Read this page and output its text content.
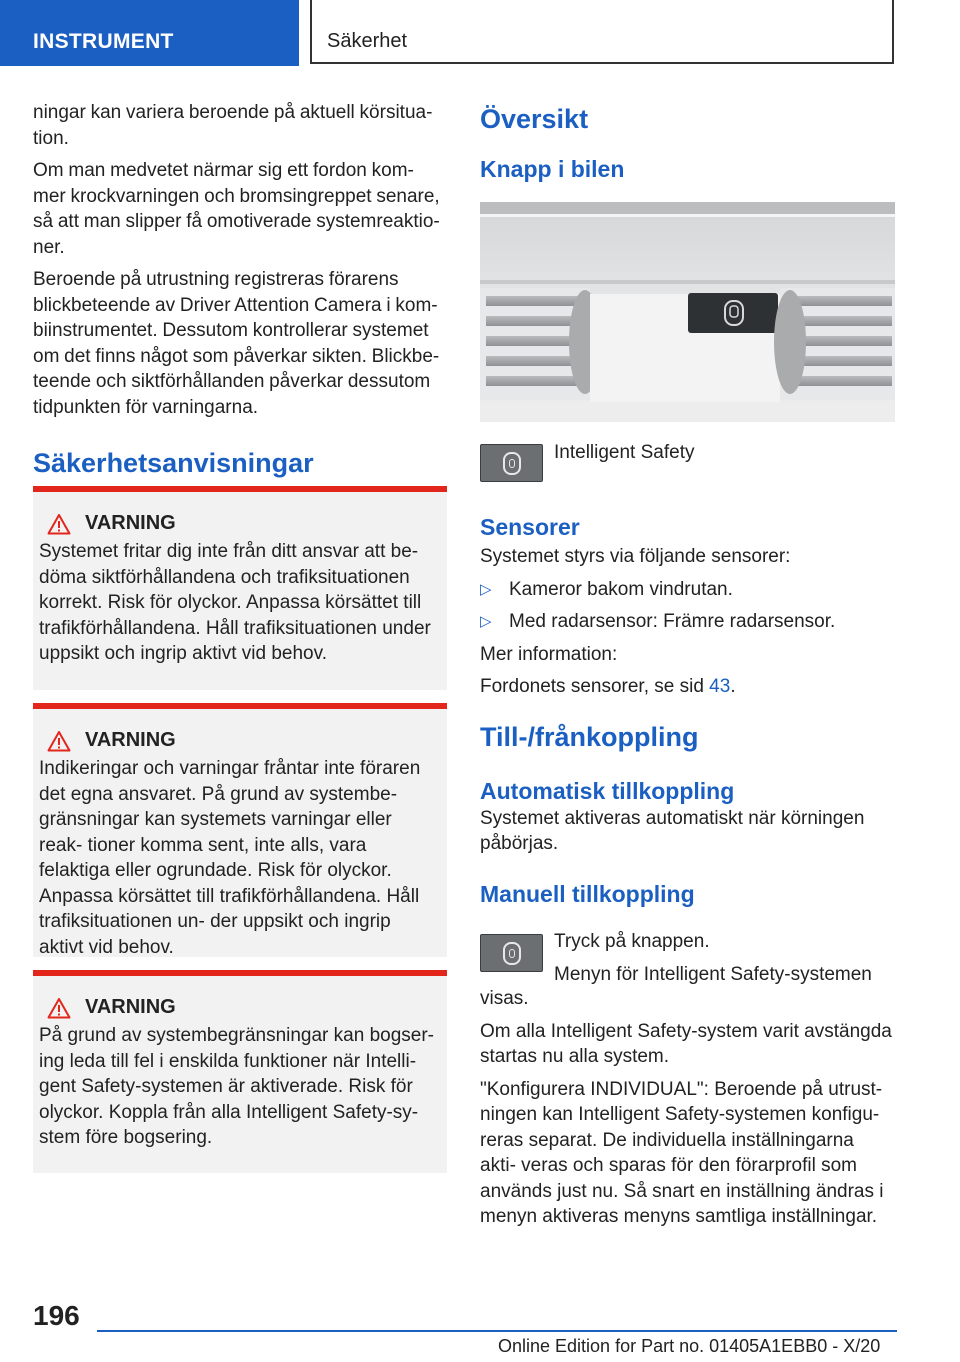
INSTRUMENT	Säkerhet

ningar kan variera beroende på aktuell körsitua‐ tion.

Om man medvetet närmar sig ett fordon kom‐ mer krockvarningen och bromsingreppet senare, så att man slipper få omotiverade systemreaktio‐ ner.

Beroende på utrustning registreras förarens blickbeteende av Driver Attention Camera i kom‐ biinstrumentet. Dessutom kontrollerar systemet om det finns något som påverkar sikten. Blickbe‐ teende och siktförhållanden påverkar dessutom tidpunkten för varningarna.

Säkerhetsanvisningar
VARNING

Systemet fritar dig inte från ditt ansvar att be‐ döma siktförhållandena och trafiksituationen korrekt. Risk för olyckor. Anpassa körsättet till trafikförhållandena. Håll trafiksituationen under uppsikt och ingrip aktivt vid behov.

VARNING

Indikeringar och varningar fråntar inte föraren det egna ansvaret. På grund av systembe‐ gränsningar kan systemets varningar eller reak‐ tioner komma sent, inte alls, vara felaktiga eller ogrundade. Risk för olyckor. Anpassa körsättet till trafikförhållandena. Håll trafiksituationen un‐ der uppsikt och ingrip aktivt vid behov.

VARNING

På grund av systembegränsningar kan bogser‐ ing leda till fel i enskilda funktioner när Intelli‐ gent Safety-systemen är aktiverade. Risk för olyckor. Koppla från alla Intelligent Safety-sy‐ stem före bogsering.

Översikt
Knapp i bilen

Intelligent Safety

Sensorer

Systemet styrs via följande sensorer:

▷ Kameror bakom vindrutan.
▷ Med radarsensor: Främre radarsensor.

Mer information:

Fordonets sensorer, se sid 43.

Till-/frånkoppling
Automatisk tillkoppling

Systemet aktiveras automatiskt när körningen påbörjas.

Manuell tillkoppling

Tryck på knappen.

Menyn för Intelligent Safety-systemen

visas.

Om alla Intelligent Safety-system varit avstängda startas nu alla system.

"Konfigurera INDIVIDUAL": Beroende på utrust‐ ningen kan Intelligent Safety-systemen konfigu‐ reras separat. De individuella inställningarna akti‐ veras och sparas för den förarprofil som används just nu. Så snart en inställning ändras i menyn aktiveras menyns samtliga inställningar.

196
Online Edition for Part no. 01405A1EBB0 - X/20
